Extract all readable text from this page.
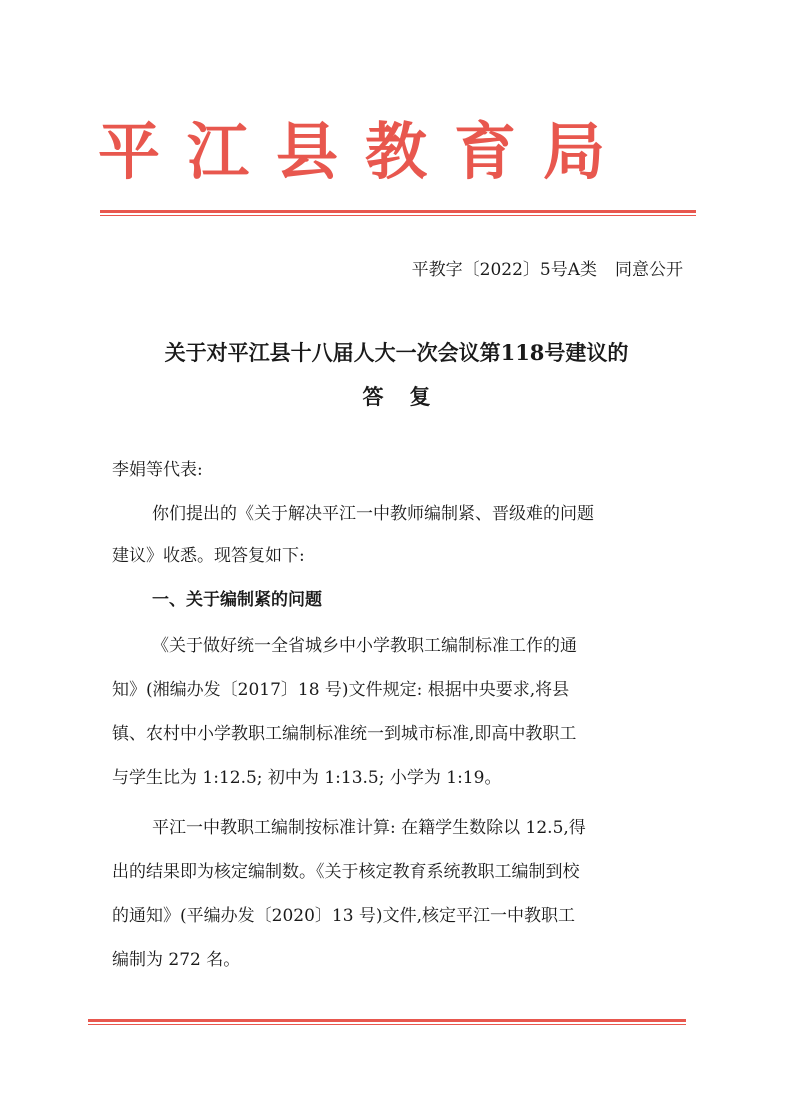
平江县教育局
平教字〔2022〕5号A类 同意公开
关于对平江县十八届人大一次会议第118号建议的
答复
李娟等代表:
你们提出的《关于解决平江一中教师编制紧、晋级难的问题
建议》收悉。现答复如下:
一、关于编制紧的问题
《关于做好统一全省城乡中小学教职工编制标准工作的通
知》(湘编办发〔2017〕18 号)文件规定: 根据中央要求,将县
镇、农村中小学教职工编制标准统一到城市标准,即高中教职工
与学生比为 1:12.5; 初中为 1:13.5; 小学为 1:19。
平江一中教职工编制按标准计算: 在籍学生数除以 12.5,得
出的结果即为核定编制数。《关于核定教育系统教职工编制到校
的通知》(平编办发〔2020〕13 号)文件,核定平江一中教职工
编制为 272 名。
